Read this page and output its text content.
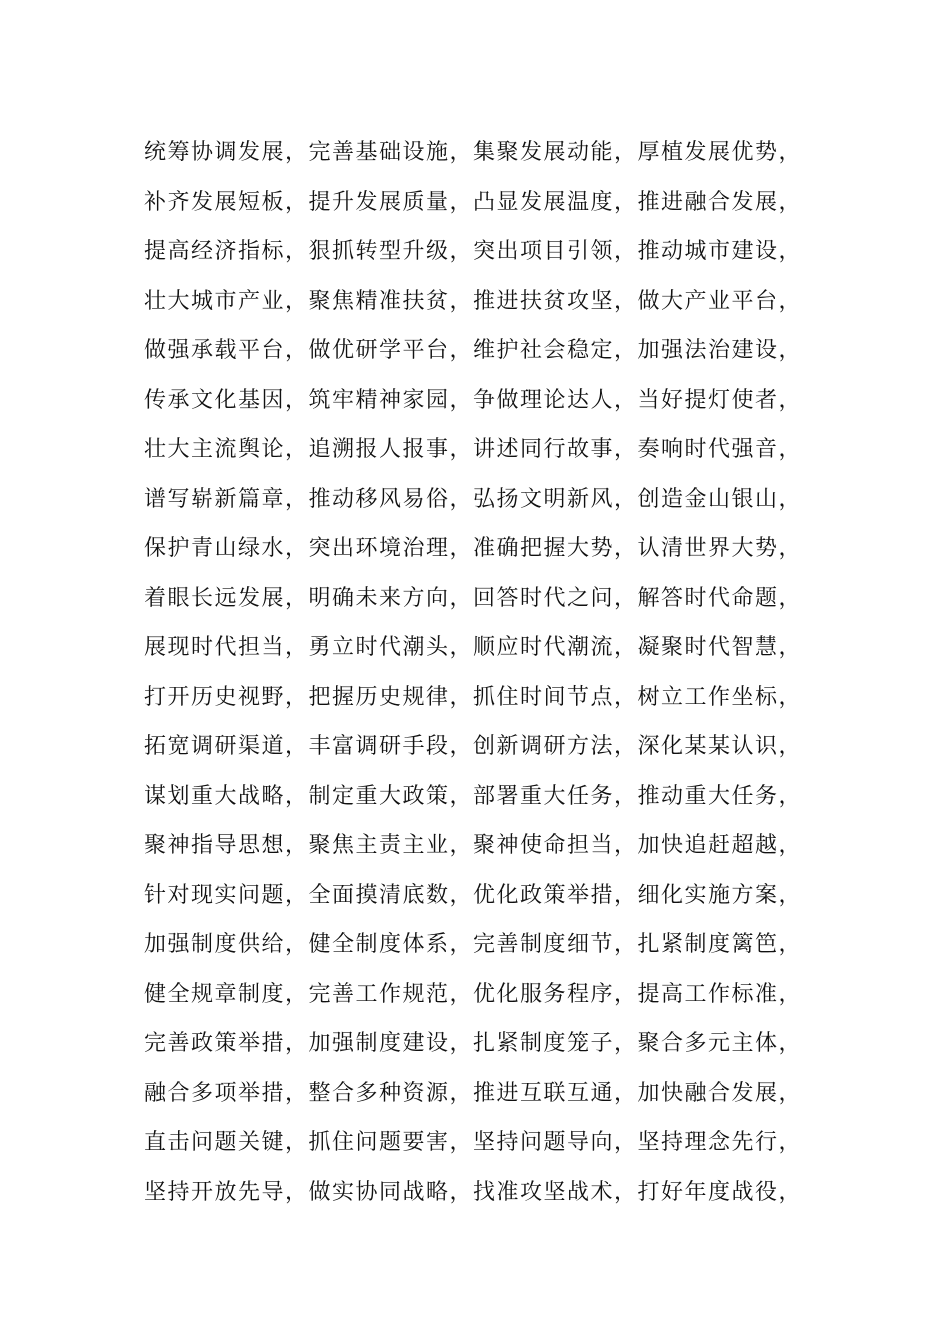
统筹协调发展，完善基础设施，集聚发展动能，厚植发展优势，
补齐发展短板，提升发展质量，凸显发展温度，推进融合发展，
提高经济指标，狠抓转型升级，突出项目引领，推动城市建设，
壮大城市产业，聚焦精准扶贫，推进扶贫攻坚，做大产业平台，
做强承载平台，做优研学平台，维护社会稳定，加强法治建设，
传承文化基因，筑牢精神家园，争做理论达人，当好提灯使者，
壮大主流舆论，追溯报人报事，讲述同行故事，奏响时代强音，
谱写崭新篇章，推动移风易俗，弘扬文明新风，创造金山银山，
保护青山绿水，突出环境治理，准确把握大势，认清世界大势，
着眼长远发展，明确未来方向，回答时代之问，解答时代命题，
展现时代担当，勇立时代潮头，顺应时代潮流，凝聚时代智慧，
打开历史视野，把握历史规律，抓住时间节点，树立工作坐标，
拓宽调研渠道，丰富调研手段，创新调研方法，深化某某认识，
谋划重大战略，制定重大政策，部署重大任务，推动重大任务，
聚神指导思想，聚焦主责主业，聚神使命担当，加快追赶超越，
针对现实问题，全面摸清底数，优化政策举措，细化实施方案，
加强制度供给，健全制度体系，完善制度细节，扎紧制度篱笆，
健全规章制度，完善工作规范，优化服务程序，提高工作标准，
完善政策举措，加强制度建设，扎紧制度笼子，聚合多元主体，
融合多项举措，整合多种资源，推进互联互通，加快融合发展，
直击问题关键，抓住问题要害，坚持问题导向，坚持理念先行，
坚持开放先导，做实协同战略，找准攻坚战术，打好年度战役，
